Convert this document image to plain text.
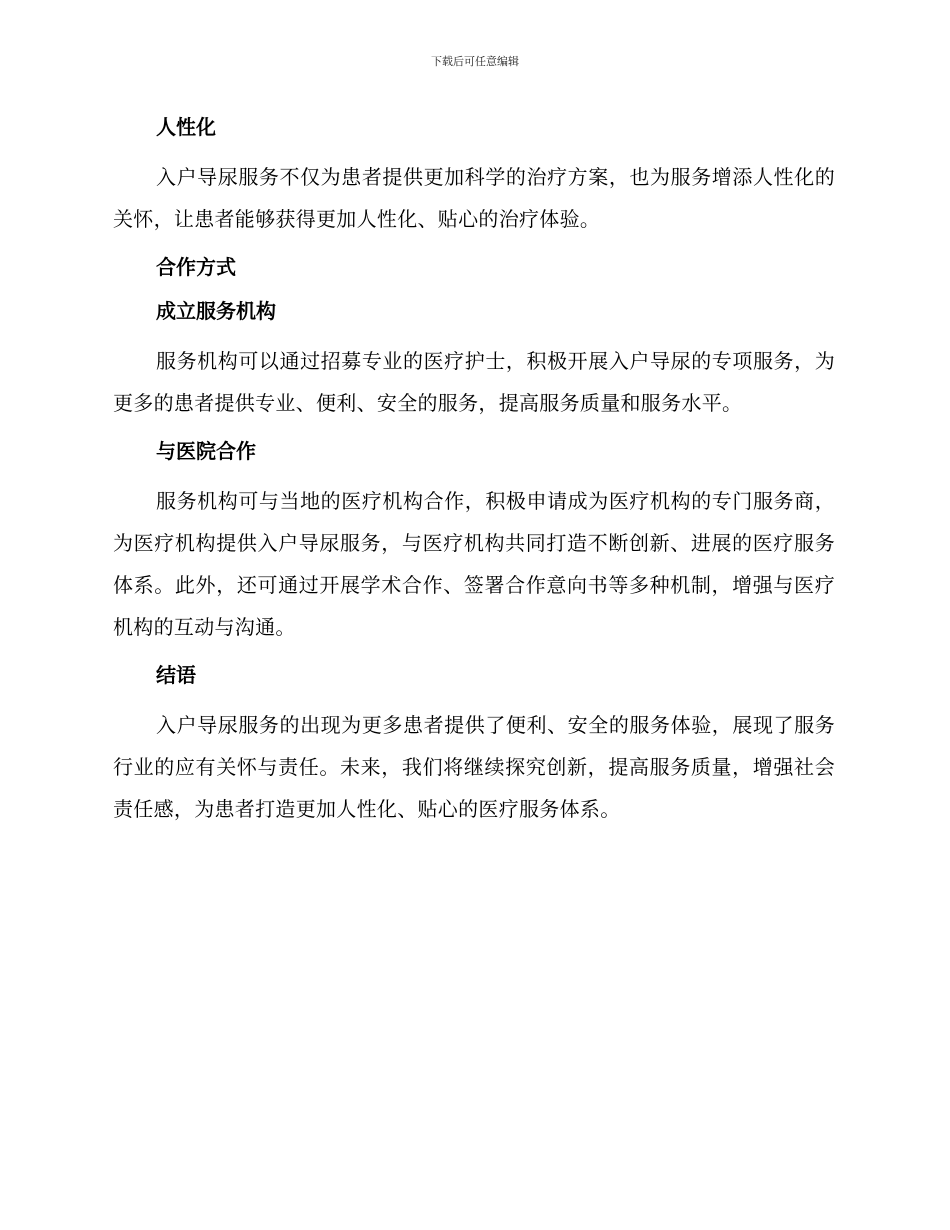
下载后可任意编辑
人性化

入户导尿服务不仅为患者提供更加科学的治疗方案，也为服务增添人性化的关怀，让患者能够获得更加人性化、贴心的治疗体验。

合作方式
成立服务机构

服务机构可以通过招募专业的医疗护士，积极开展入户导尿的专项服务，为更多的患者提供专业、便利、安全的服务，提高服务质量和服务水平。

与医院合作

服务机构可与当地的医疗机构合作，积极申请成为医疗机构的专门服务商，为医疗机构提供入户导尿服务，与医疗机构共同打造不断创新、进展的医疗服务体系。此外，还可通过开展学术合作、签署合作意向书等多种机制，增强与医疗机构的互动与沟通。

结语

入户导尿服务的出现为更多患者提供了便利、安全的服务体验，展现了服务行业的应有关怀与责任。未来，我们将继续探究创新，提高服务质量，增强社会责任感，为患者打造更加人性化、贴心的医疗服务体系。
